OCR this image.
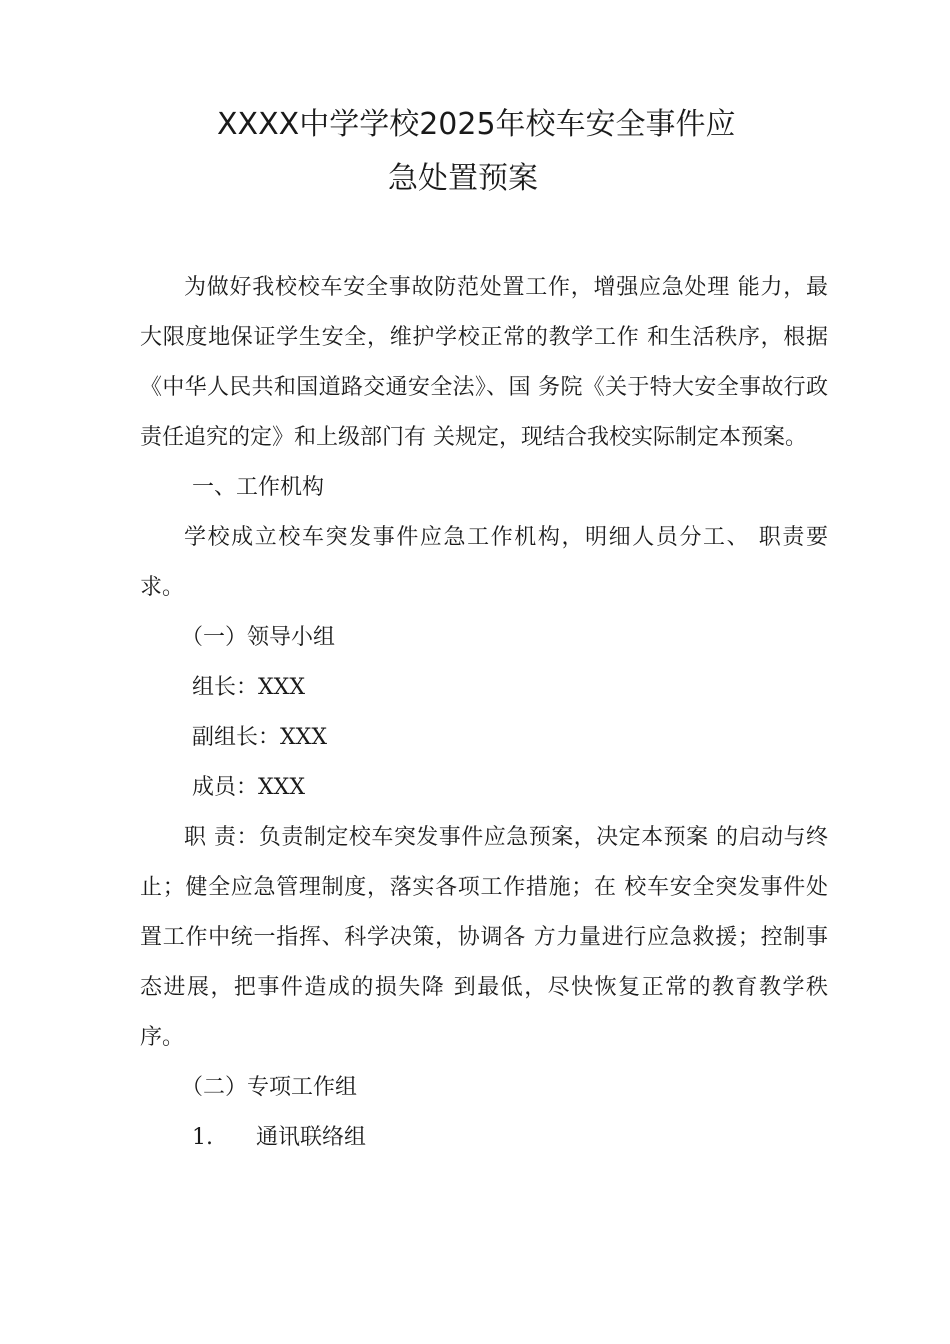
XXXX中学学校2025年校车安全事件应
急处置预案

为做好我校校车安全事故防范处置工作，增强应急处理 能力，最大限度地保证学生安全，维护学校正常的教学工作 和生活秩序，根据《中华人民共和国道路交通安全法》、国 务院《关于特大安全事故行政责任追究的定》和上级部门有 关规定，现结合我校实际制定本预案。

一、工作机构

学校成立校车突发事件应急工作机构，明细人员分工、 职责要求。

（一）领导小组

组长：XXX

副组长：XXX

成员：XXX

职 责：负责制定校车突发事件应急预案，决定本预案 的启动与终止；健全应急管理制度，落实各项工作措施；在 校车安全突发事件处置工作中统一指挥、科学决策，协调各 方力量进行应急救援；控制事态进展，把事件造成的损失降 到最低，尽快恢复正常的教育教学秩序。

（二）专项工作组

1. 通讯联络组
